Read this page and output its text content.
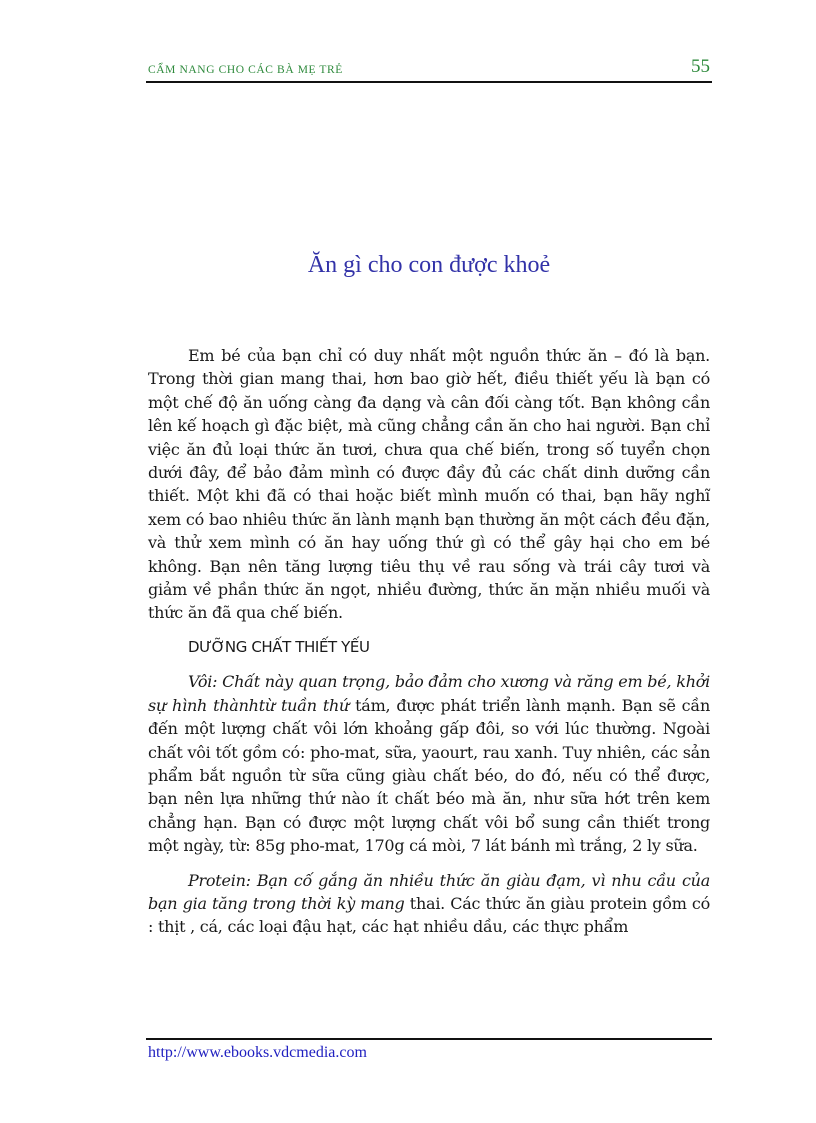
CẨM NANG CHO CÁC BÀ MẸ TRẺ	55
Ăn gì cho con được khoẻ

Em bé của bạn chỉ có duy nhất một nguồn thức ăn – đó là bạn. Trong thời gian mang thai, hơn bao giờ hết, điều thiết yếu là bạn có một chế độ ăn uống càng đa dạng và cân đối càng tốt. Bạn không cần lên kế hoạch gì đặc biệt, mà cũng chẳng cần ăn cho hai người. Bạn chỉ việc ăn đủ loại thức ăn tươi, chưa qua chế biến, trong số tuyển chọn dưới đây, để bảo đảm mình có được đầy đủ các chất dinh dưỡng cần thiết. Một khi đã có thai hoặc biết mình muốn có thai, bạn hãy nghĩ xem có bao nhiêu thức ăn lành mạnh bạn thường ăn một cách đều đặn, và thử xem mình có ăn hay uống thứ gì có thể gây hại cho em bé không. Bạn nên tăng lượng tiêu thụ về rau sống và trái cây tươi và giảm về phần thức ăn ngọt, nhiều đường, thức ăn mặn nhiều muối và thức ăn đã qua chế biến.

DƯỠNG CHẤT THIẾT YẾU

Vôi: Chất này quan trọng, bảo đảm cho xương và răng em bé, khởi sự hình thànhtừ tuần thứ tám, được phát triển lành mạnh. Bạn sẽ cần đến một lượng chất vôi lớn khoảng gấp đôi, so với lúc thường. Ngoài chất vôi tốt gồm có: pho-mat, sữa, yaourt, rau xanh. Tuy nhiên, các sản phẩm bắt nguồn từ sữa cũng giàu chất béo, do đó, nếu có thể được, bạn nên lựa những thứ nào ít chất béo mà ăn, như sữa hớt trên kem chẳng hạn. Bạn có được một lượng chất vôi bổ sung cần thiết trong một ngày, từ: 85g pho-mat, 170g cá mòi, 7 lát bánh mì trắng, 2 ly sữa.

Protein: Bạn cố gắng ăn nhiều thức ăn giàu đạm, vì nhu cầu của bạn gia tăng trong thời kỳ mang thai. Các thức ăn giàu protein gồm có : thịt , cá, các loại đậu hạt, các hạt nhiều dầu, các thực phẩm

http://www.ebooks.vdcmedia.com
